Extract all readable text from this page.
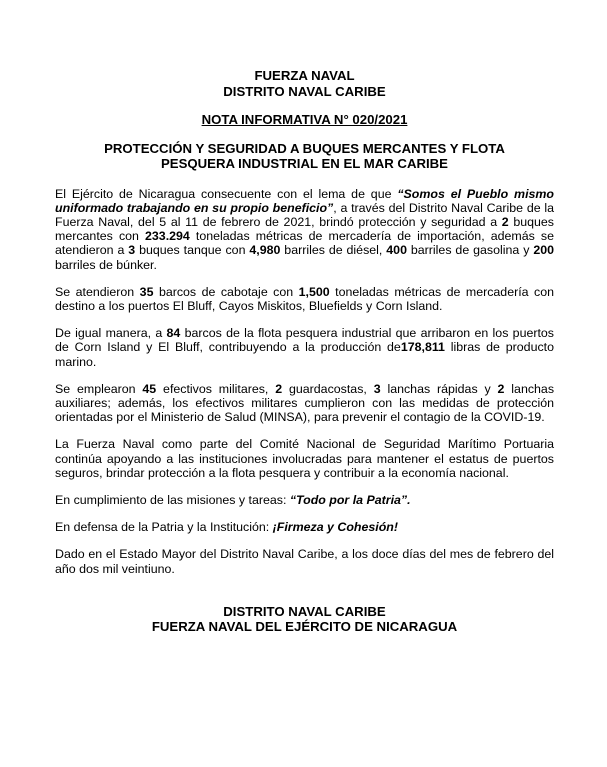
FUERZA NAVAL
DISTRITO NAVAL CARIBE
NOTA INFORMATIVA N° 020/2021
PROTECCIÓN Y SEGURIDAD A BUQUES MERCANTES Y FLOTA
PESQUERA INDUSTRIAL EN EL MAR CARIBE

El Ejército de Nicaragua consecuente con el lema de que “Somos el Pueblo mismo uniformado trabajando en su propio beneficio”, a través del Distrito Naval Caribe de la Fuerza Naval, del 5 al 11 de febrero de 2021, brindó protección y seguridad a 2 buques mercantes con 233.294 toneladas métricas de mercadería de importación, además se atendieron a 3 buques tanque con 4,980 barriles de diésel, 400 barriles de gasolina y 200 barriles de búnker.

Se atendieron 35 barcos de cabotaje con 1,500 toneladas métricas de mercadería con destino a los puertos El Bluff, Cayos Miskitos, Bluefields y Corn Island.

De igual manera, a 84 barcos de la flota pesquera industrial que arribaron en los puertos de Corn Island y El Bluff, contribuyendo a la producción de178,811 libras de producto marino.

Se emplearon 45 efectivos militares, 2 guardacostas, 3 lanchas rápidas y 2 lanchas auxiliares; además, los efectivos militares cumplieron con las medidas de protección orientadas por el Ministerio de Salud (MINSA), para prevenir el contagio de la COVID-19.

La Fuerza Naval como parte del Comité Nacional de Seguridad Marítimo Portuaria continúa apoyando a las instituciones involucradas para mantener el estatus de puertos seguros, brindar protección a la flota pesquera y contribuir a la economía nacional.

En cumplimiento de las misiones y tareas: “Todo por la Patria”.

En defensa de la Patria y la Institución: ¡Firmeza y Cohesión!

Dado en el Estado Mayor del Distrito Naval Caribe, a los doce días del mes de febrero del año dos mil veintiuno.

DISTRITO NAVAL CARIBE
FUERZA NAVAL DEL EJÉRCITO DE NICARAGUA
